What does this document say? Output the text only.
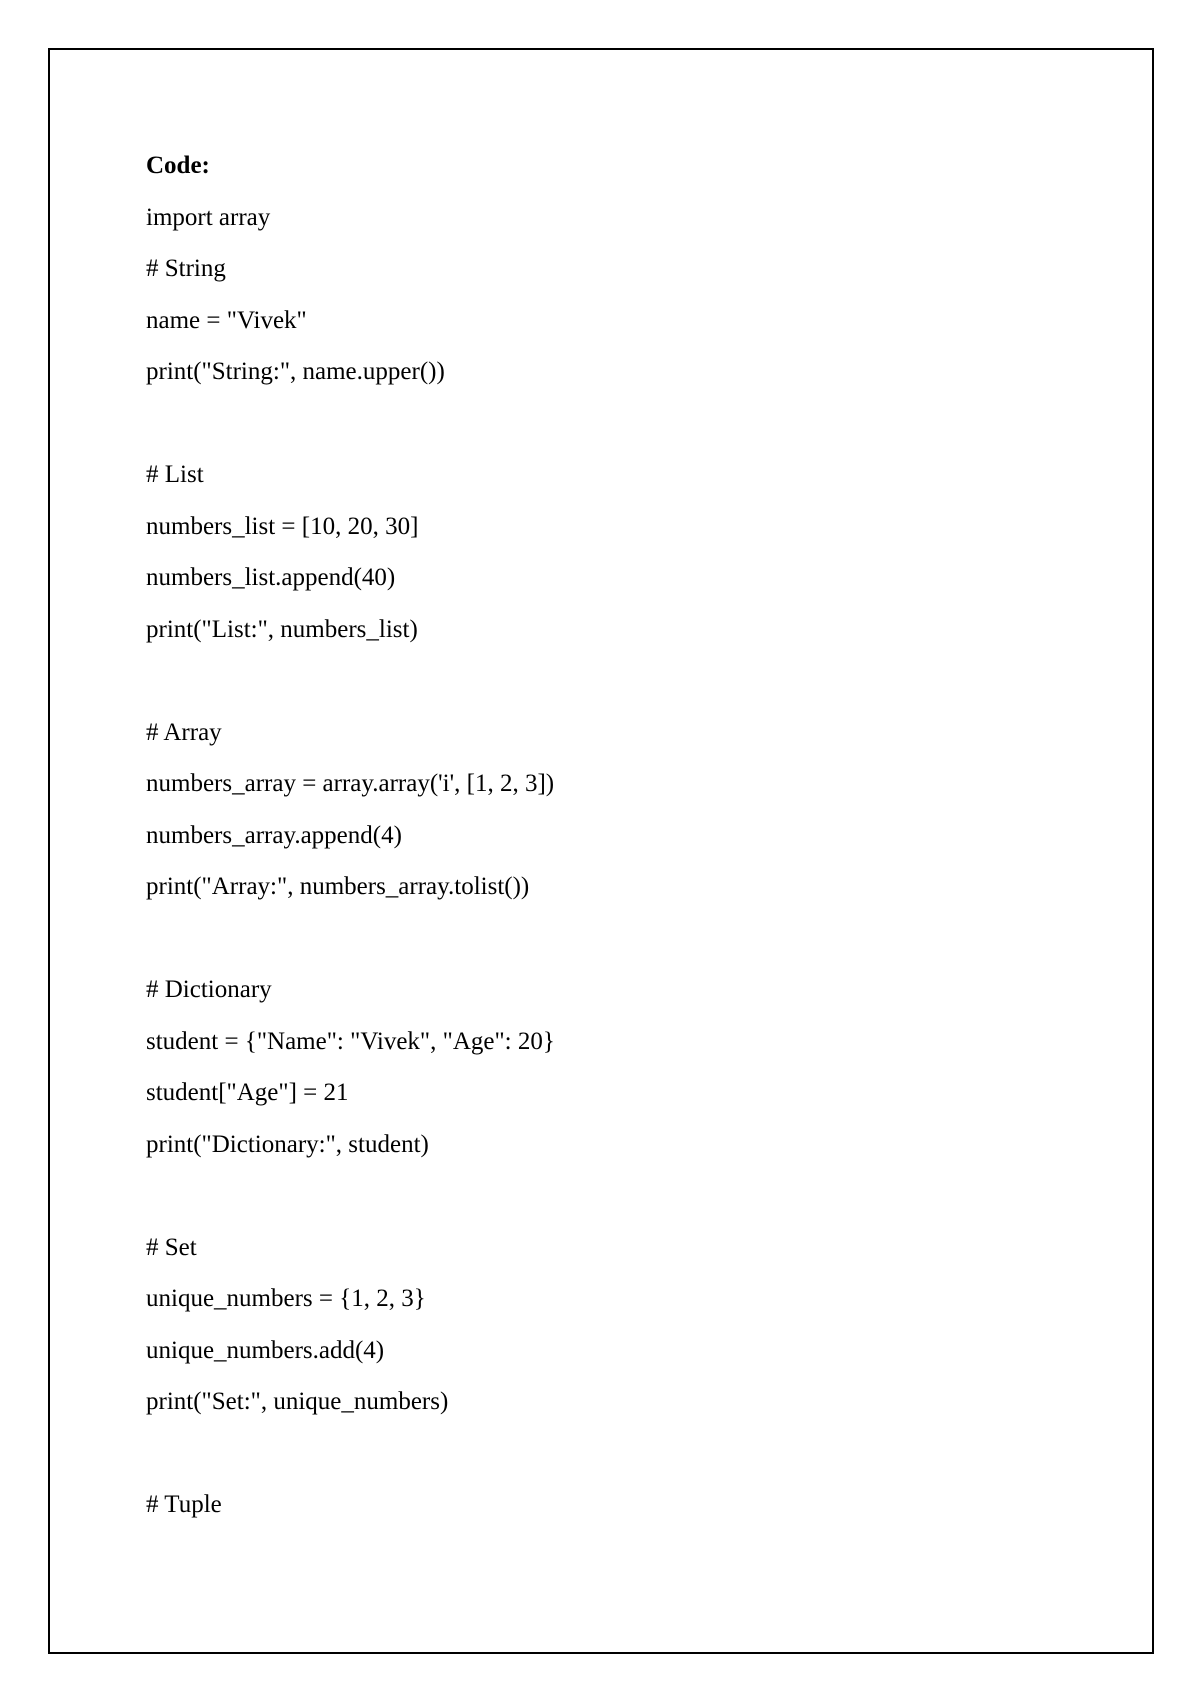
Code:
import array
# String
name = "Vivek"
print("String:", name.upper())
# List
numbers_list = [10, 20, 30]
numbers_list.append(40)
print("List:", numbers_list)
# Array
numbers_array = array.array('i', [1, 2, 3])
numbers_array.append(4)
print("Array:", numbers_array.tolist())
# Dictionary
student = {"Name": "Vivek", "Age": 20}
student["Age"] = 21
print("Dictionary:", student)
# Set
unique_numbers = {1, 2, 3}
unique_numbers.add(4)
print("Set:", unique_numbers)
# Tuple
